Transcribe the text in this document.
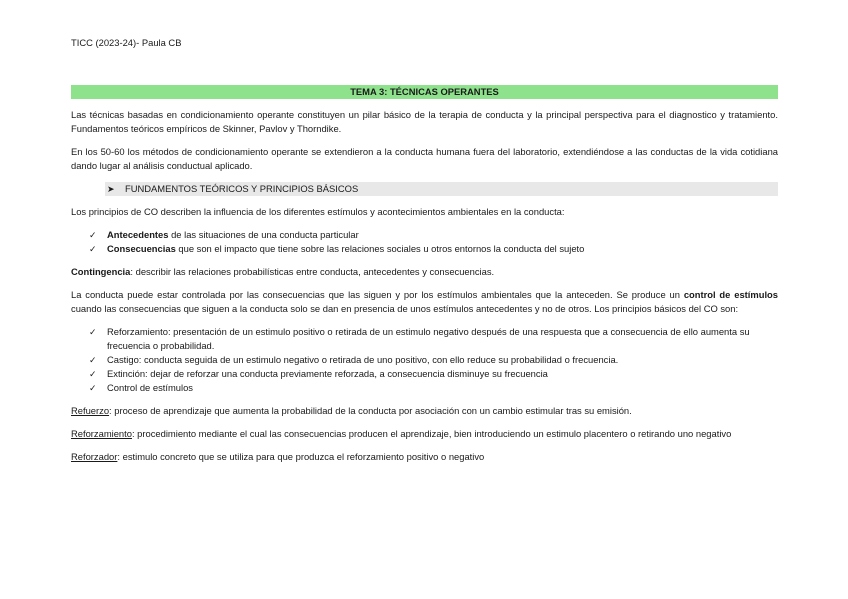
TICC (2023-24)- Paula CB
TEMA 3: TÉCNICAS OPERANTES

Las técnicas basadas en condicionamiento operante constituyen un pilar básico de la terapia de conducta y la principal perspectiva para el diagnostico y tratamiento. Fundamentos teóricos empíricos de Skinner, Pavlov y Thorndike.

En los 50-60 los métodos de condicionamiento operante se extendieron a la conducta humana fuera del laboratorio, extendiéndose a las conductas de la vida cotidiana dando lugar al análisis conductual aplicado.

➤	FUNDAMENTOS TEÓRICOS Y PRINCIPIOS BÁSICOS

Los principios de CO describen la influencia de los diferentes estímulos y acontecimientos ambientales en la conducta:

✓ Antecedentes de las situaciones de una conducta particular
✓ Consecuencias que son el impacto que tiene sobre las relaciones sociales u otros entornos la conducta del sujeto

Contingencia: describir las relaciones probabilísticas entre conducta, antecedentes y consecuencias.

La conducta puede estar controlada por las consecuencias que las siguen y por los estímulos ambientales que la anteceden. Se produce un control de estímulos cuando las consecuencias que siguen a la conducta solo se dan en presencia de unos estímulos antecedentes y no de otros. Los principios básicos del CO son:

✓ Reforzamiento: presentación de un estimulo positivo o retirada de un estimulo negativo después de una respuesta que a consecuencia de ello aumenta su frecuencia o probabilidad.
✓ Castigo: conducta seguida de un estimulo negativo o retirada de uno positivo, con ello reduce su probabilidad o frecuencia.
✓ Extinción: dejar de reforzar una conducta previamente reforzada, a consecuencia disminuye su frecuencia
✓ Control de estímulos

Refuerzo: proceso de aprendizaje que aumenta la probabilidad de la conducta por asociación con un cambio estimular tras su emisión.

Reforzamiento: procedimiento mediante el cual las consecuencias producen el aprendizaje, bien introduciendo un estimulo placentero o retirando uno negativo

Reforzador: estimulo concreto que se utiliza para que produzca el reforzamiento positivo o negativo
